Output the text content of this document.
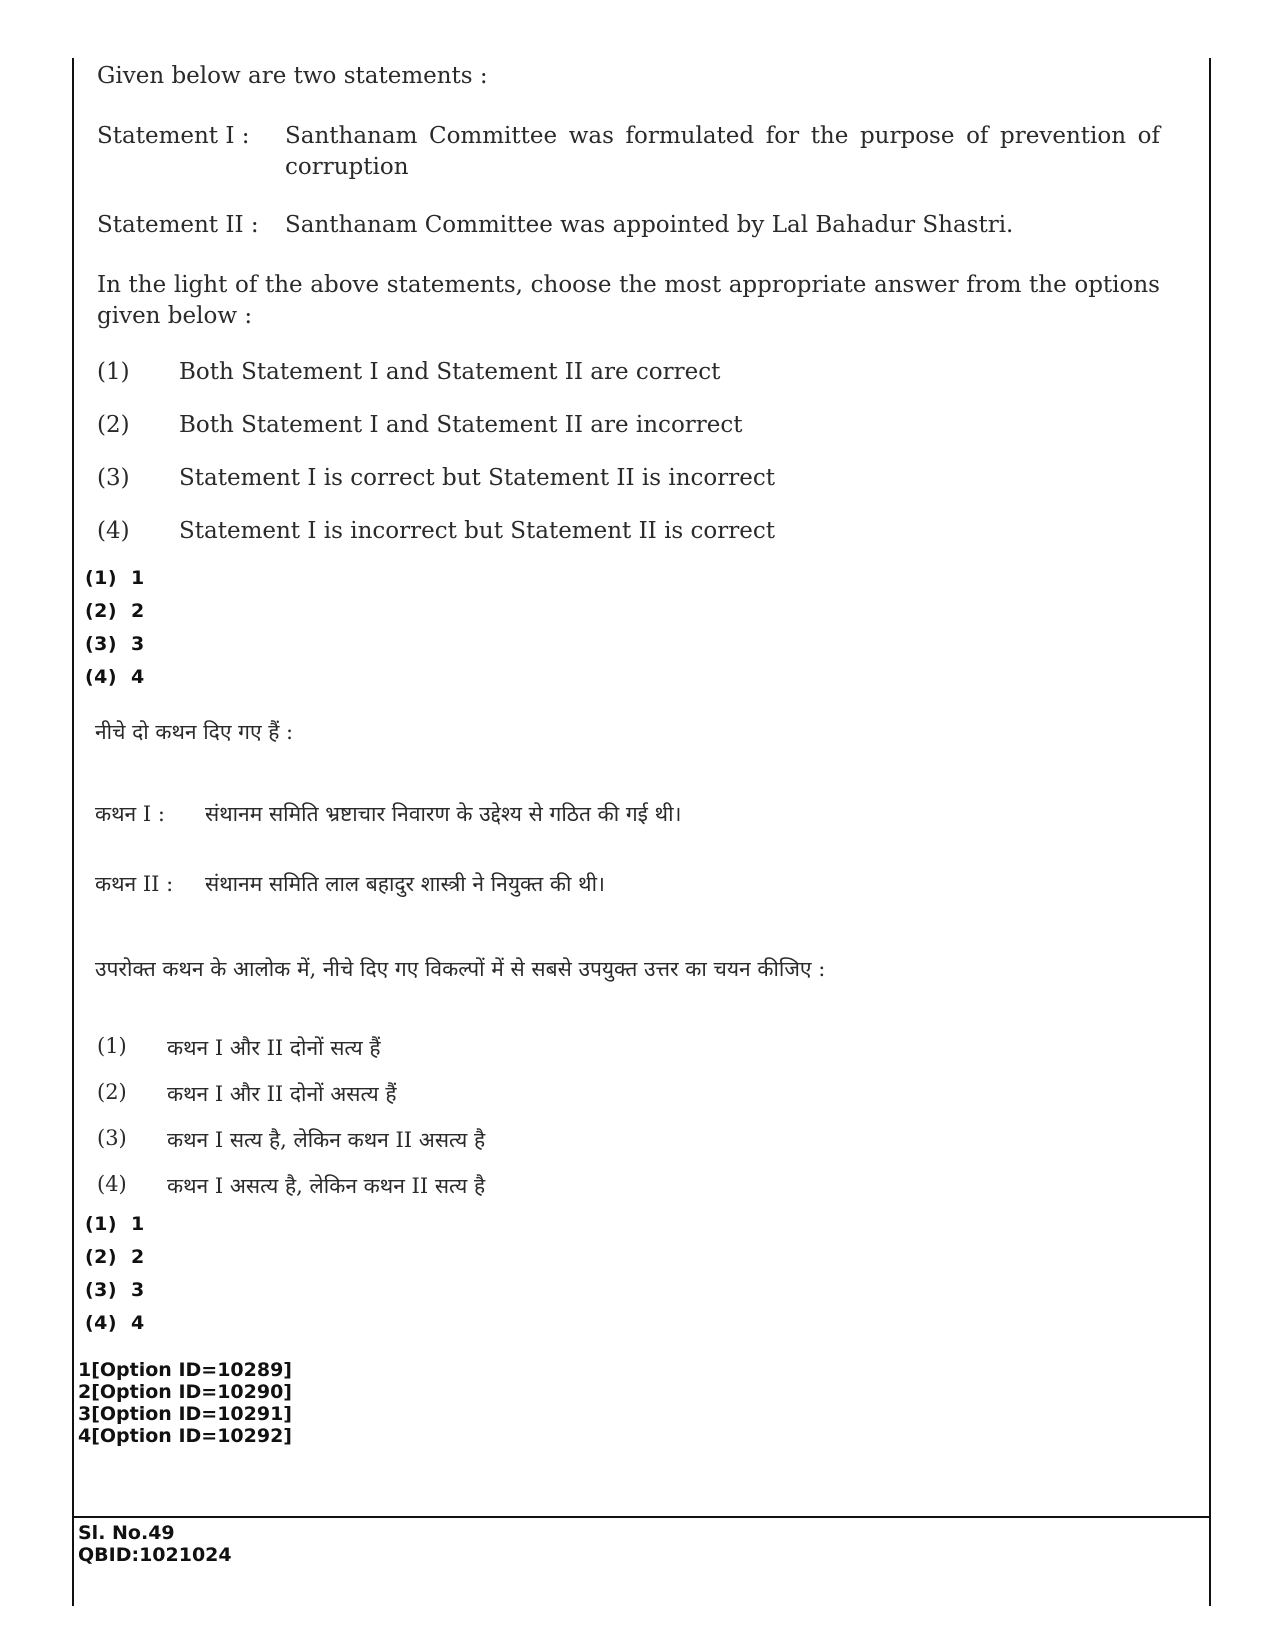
Given below are two statements :
Statement I : Santhanam Committee was formulated for the purpose of prevention of corruption
Statement II : Santhanam Committee was appointed by Lal Bahadur Shastri.
In the light of the above statements, choose the most appropriate answer from the options given below :
(1) Both Statement I and Statement II are correct
(2) Both Statement I and Statement II are incorrect
(3) Statement I is correct but Statement II is incorrect
(4) Statement I is incorrect but Statement II is correct
(1) 1
(2) 2
(3) 3
(4) 4
नीचे दो कथन दिए गए हैं :
कथन I : संथानम समिति भ्रष्टाचार निवारण के उद्देश्य से गठित की गई थी।
कथन II : संथानम समिति लाल बहादुर शास्त्री ने नियुक्त की थी।
उपरोक्त कथन के आलोक में, नीचे दिए गए विकल्पों में से सबसे उपयुक्त उत्तर का चयन कीजिए :
(1) कथन I और II दोनों सत्य हैं
(2) कथन I और II दोनों असत्य हैं
(3) कथन I सत्य है, लेकिन कथन II असत्य है
(4) कथन I असत्य है, लेकिन कथन II सत्य है
(1) 1
(2) 2
(3) 3
(4) 4
1[Option ID=10289]
2[Option ID=10290]
3[Option ID=10291]
4[Option ID=10292]
Sl. No.49
QBID:1021024
